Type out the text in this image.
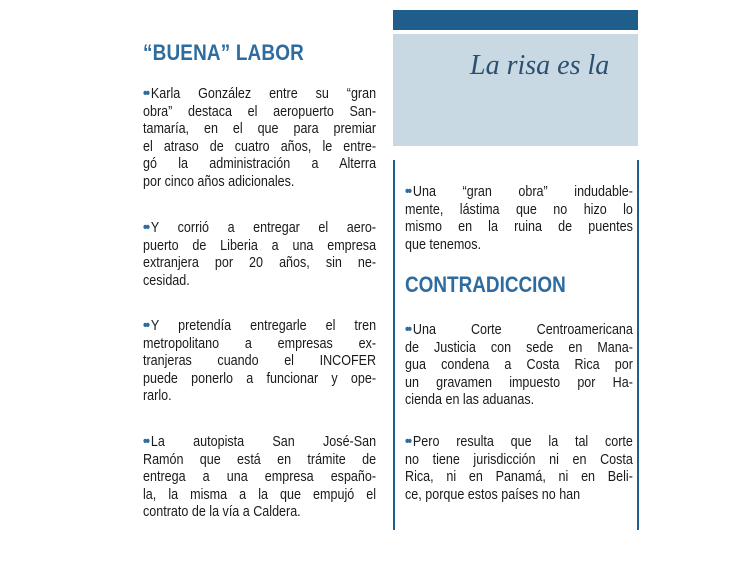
“BUENA” LABOR
•• Karla González entre su “gran
obra” destaca el aeropuerto San-
tamaría, en el que para premiar
el atraso de cuatro años, le entre-
gó la administración a Alterra
por cinco años adicionales.
•• Y corrió a entregar el aero-
puerto de Liberia a una empresa
extranjera por 20 años, sin ne-
cesidad.
•• Y pretendía entregarle el tren
metropolitano a empresas ex-
tranjeras cuando el INCOFER
puede ponerlo a funcionar y ope-
rarlo.
•• La autopista San José-San
Ramón que está en trámite de
entrega a una empresa españo-
la, la misma a la que empujó el
contrato de la vía a Caldera.
La risa es la
•• Una “gran obra” indudable-
mente, lástima que no hizo lo
mismo en la ruina de puentes
que tenemos.
CONTRADICCION
•• Una Corte Centroamericana
de Justicia con sede en Mana-
gua condena a Costa Rica por
un gravamen impuesto por Ha-
cienda en las aduanas.
•• Pero resulta que la tal corte
no tiene jurisdicción ni en Costa
Rica, ni en Panamá, ni en Beli-
ce, porque estos países no han
